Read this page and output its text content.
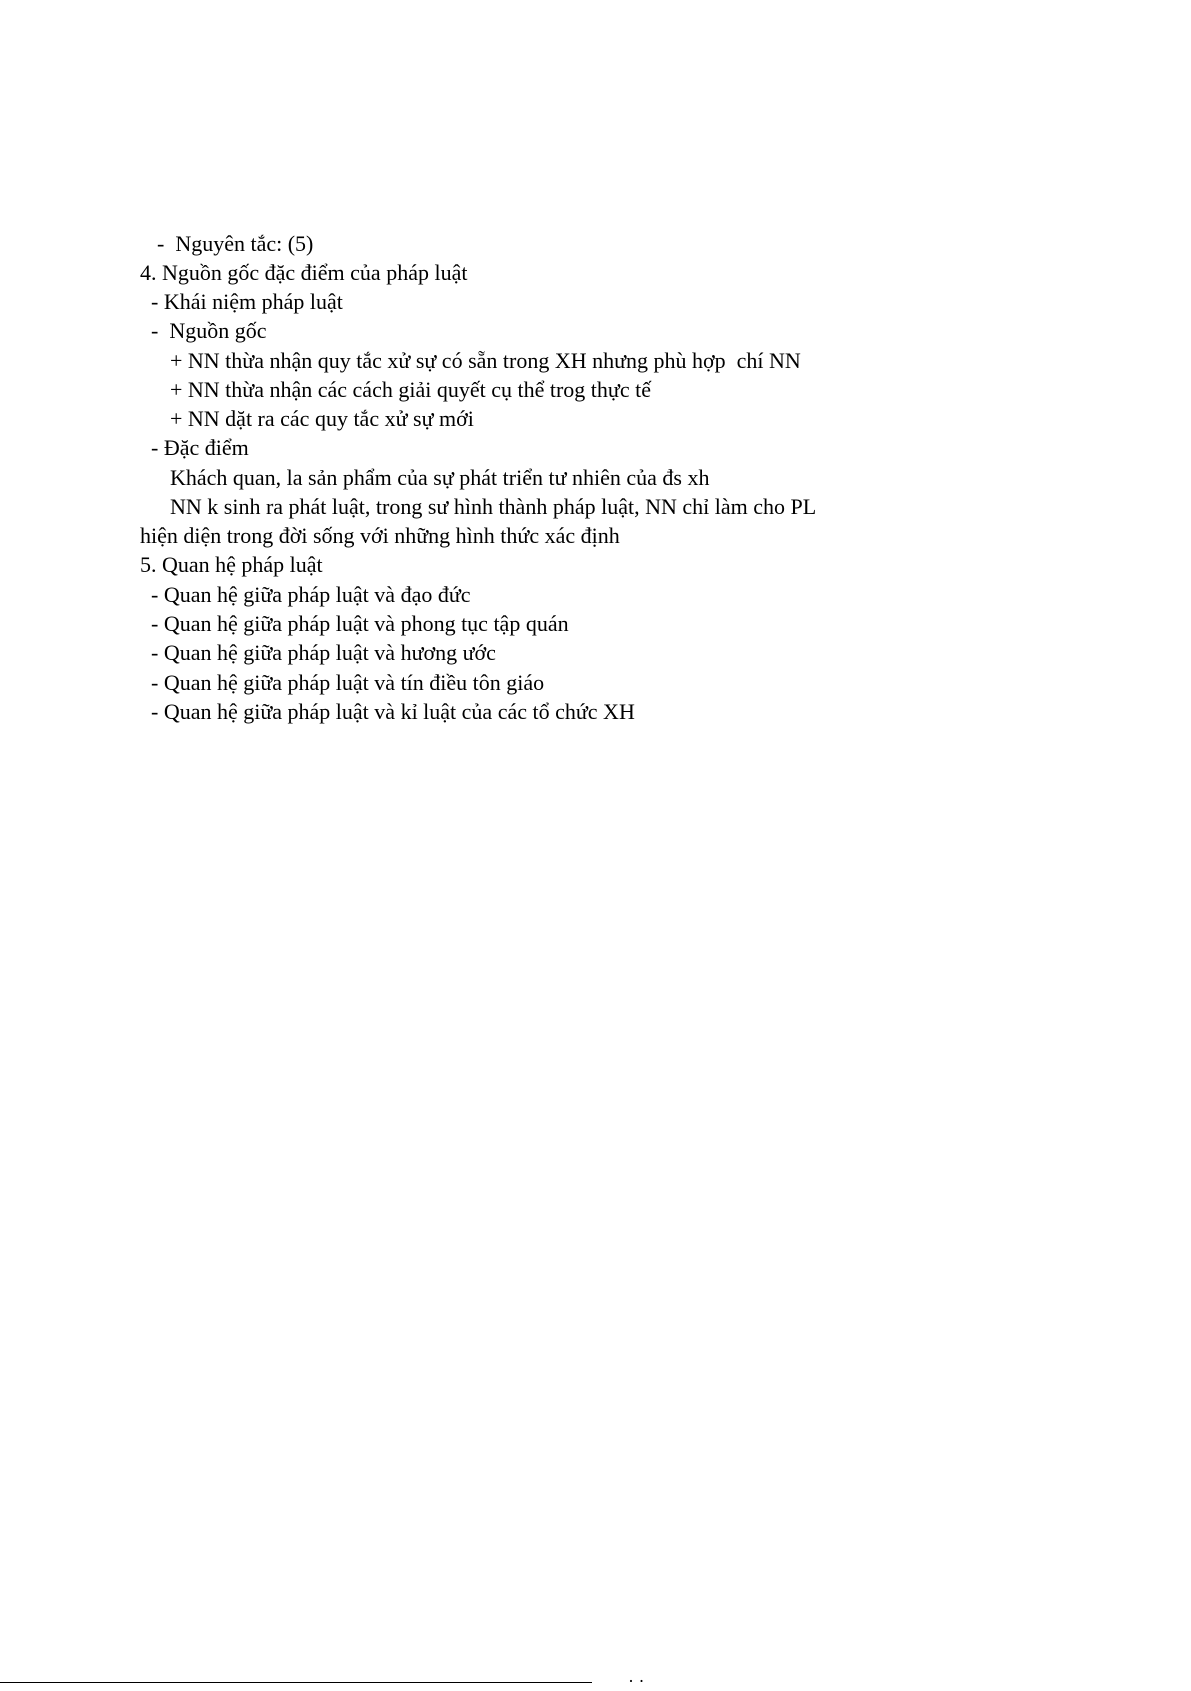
-  Nguyên tắc: (5)

4. Nguồn gốc đặc điểm của pháp luật

- Khái niệm pháp luật

-  Nguồn gốc

+ NN thừa nhận quy tắc xử sự có sẵn trong XH nhưng phù hợp  chí NN

+ NN thừa nhận các cách giải quyết cụ thể trog thực tế

+ NN dặt ra các quy tắc xử sự mới

- Đặc điểm

Khách quan, la sản phẩm của sự phát triển tư nhiên của đs xh

NN k sinh ra phát luật, trong sư hình thành pháp luật, NN chỉ làm cho PL

hiện diện trong đời sống với những hình thức xác định

5. Quan hệ pháp luật

- Quan hệ giữa pháp luật và đạo đức

- Quan hệ giữa pháp luật và phong tục tập quán

- Quan hệ giữa pháp luật và hương ước

- Quan hệ giữa pháp luật và tín điều tôn giáo

- Quan hệ giữa pháp luật và kỉ luật của các tổ chức XH

· ·
